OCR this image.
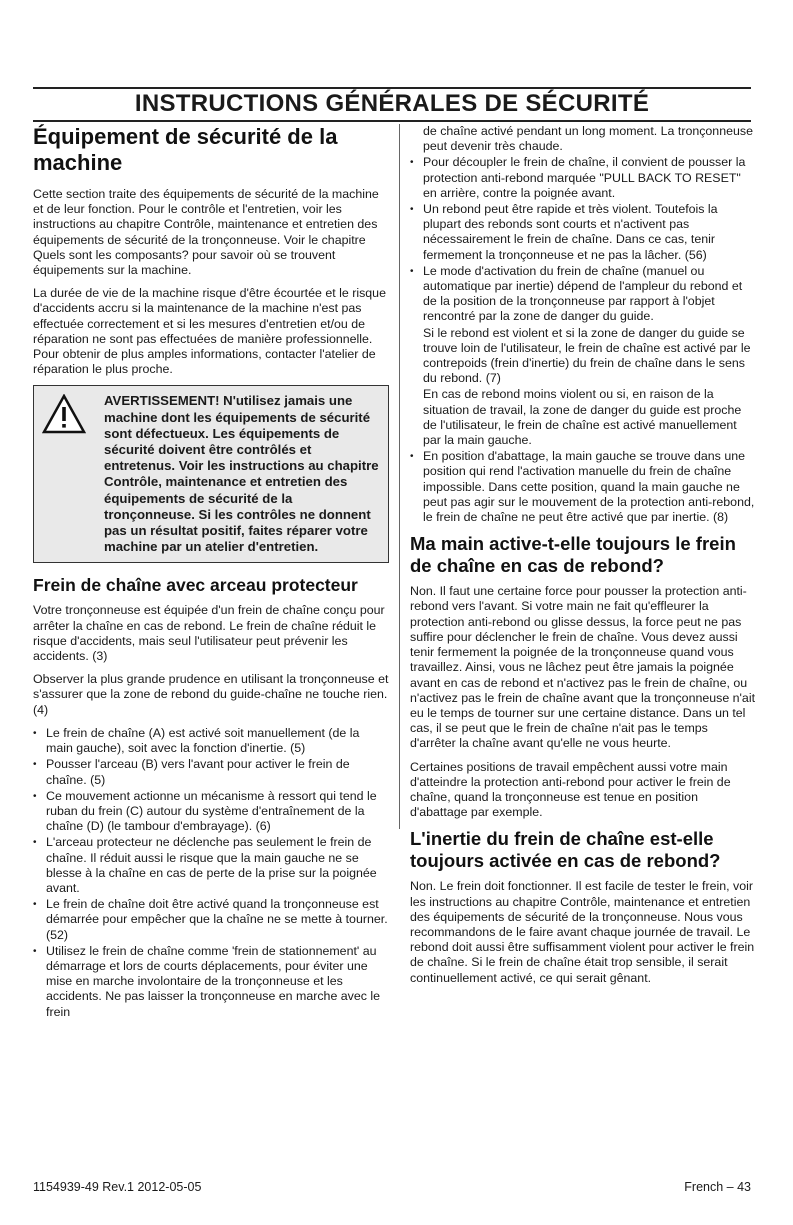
INSTRUCTIONS GÉNÉRALES DE SÉCURITÉ
Équipement de sécurité de la machine

Cette section traite des équipements de sécurité de la machine et de leur fonction. Pour le contrôle et l'entretien, voir les instructions au chapitre Contrôle, maintenance et entretien des équipements de sécurité de la tronçonneuse. Voir le chapitre Quels sont les composants? pour savoir où se trouvent équipements sur la machine.

La durée de vie de la machine risque d'être écourtée et le risque d'accidents accru si la maintenance de la machine n'est pas effectuée correctement et si les mesures d'entretien et/ou de réparation ne sont pas effectuées de manière professionnelle. Pour obtenir de plus amples informations, contacter l'atelier de réparation le plus proche.

AVERTISSEMENT! N'utilisez jamais une machine dont les équipements de sécurité sont défectueux. Les équipements de sécurité doivent être contrôlés et entretenus. Voir les instructions au chapitre Contrôle, maintenance et entretien des équipements de sécurité de la tronçonneuse. Si les contrôles ne donnent pas un résultat positif, faites réparer votre machine par un atelier d'entretien.
Frein de chaîne avec arceau protecteur

Votre tronçonneuse est équipée d'un frein de chaîne conçu pour arrêter la chaîne en cas de rebond. Le frein de chaîne réduit le risque d'accidents, mais seul l'utilisateur peut prévenir les accidents. (3)

Observer la plus grande prudence en utilisant la tronçonneuse et s'assurer que la zone de rebond du guide-chaîne ne touche rien. (4)

• Le frein de chaîne (A) est activé soit manuellement (de la main gauche), soit avec la fonction d'inertie. (5)
• Pousser l'arceau (B) vers l'avant pour activer le frein de chaîne. (5)
• Ce mouvement actionne un mécanisme à ressort qui tend le ruban du frein (C) autour du système d'entraînement de la chaîne (D) (le tambour d'embrayage). (6)
• L'arceau protecteur ne déclenche pas seulement le frein de chaîne. Il réduit aussi le risque que la main gauche ne se blesse à la chaîne en cas de perte de la prise sur la poignée avant.
• Le frein de chaîne doit être activé quand la tronçonneuse est démarrée pour empêcher que la chaîne ne se mette à tourner. (52)
• Utilisez le frein de chaîne comme 'frein de stationnement' au démarrage et lors de courts déplacements, pour éviter une mise en marche involontaire de la tronçonneuse et les accidents. Ne pas laisser la tronçonneuse en marche avec le frein
de chaîne activé pendant un long moment. La tronçonneuse peut devenir très chaude.
• Pour découpler le frein de chaîne, il convient de pousser la protection anti-rebond marquée "PULL BACK TO RESET" en arrière, contre la poignée avant.
• Un rebond peut être rapide et très violent. Toutefois la plupart des rebonds sont courts et n'activent pas nécessairement le frein de chaîne. Dans ce cas, tenir fermement la tronçonneuse et ne pas la lâcher. (56)
• Le mode d'activation du frein de chaîne (manuel ou automatique par inertie) dépend de l'ampleur du rebond et de la position de la tronçonneuse par rapport à l'objet rencontré par la zone de danger du guide.
Si le rebond est violent et si la zone de danger du guide se trouve loin de l'utilisateur, le frein de chaîne est activé par le contrepoids (frein d'inertie) du frein de chaîne dans le sens du rebond. (7)
En cas de rebond moins violent ou si, en raison de la situation de travail, la zone de danger du guide est proche de l'utilisateur, le frein de chaîne est activé manuellement par la main gauche.
• En position d'abattage, la main gauche se trouve dans une position qui rend l'activation manuelle du frein de chaîne impossible. Dans cette position, quand la main gauche ne peut pas agir sur le mouvement de la protection anti-rebond, le frein de chaîne ne peut être activé que par inertie. (8)
Ma main active-t-elle toujours le frein de chaîne en cas de rebond?

Non. Il faut une certaine force pour pousser la protection anti-rebond vers l'avant. Si votre main ne fait qu'effleurer la protection anti-rebond ou glisse dessus, la force peut ne pas suffire pour déclencher le frein de chaîne. Vous devez aussi tenir fermement la poignée de la tronçonneuse quand vous travaillez. Ainsi, vous ne lâchez peut être jamais la poignée avant en cas de rebond et n'activez pas le frein de chaîne, ou n'activez pas le frein de chaîne avant que la tronçonneuse n'ait eu le temps de tourner sur une certaine distance. Dans un tel cas, il se peut que le frein de chaîne n'ait pas le temps d'arrêter la chaîne avant qu'elle ne vous heurte.

Certaines positions de travail empêchent aussi votre main d'atteindre la protection anti-rebond pour activer le frein de chaîne, quand la tronçonneuse est tenue en position d'abattage par exemple.

L'inertie du frein de chaîne est-elle toujours activée en cas de rebond?

Non. Le frein doit fonctionner. Il est facile de tester le frein, voir les instructions au chapitre Contrôle, maintenance et entretien des équipements de sécurité de la tronçonneuse. Nous vous recommandons de le faire avant chaque journée de travail. Le rebond doit aussi être suffisamment violent pour activer le frein de chaîne. Si le frein de chaîne était trop sensible, il serait continuellement activé, ce qui serait gênant.

1154939-49 Rev.1 2012-05-05	French – 43
